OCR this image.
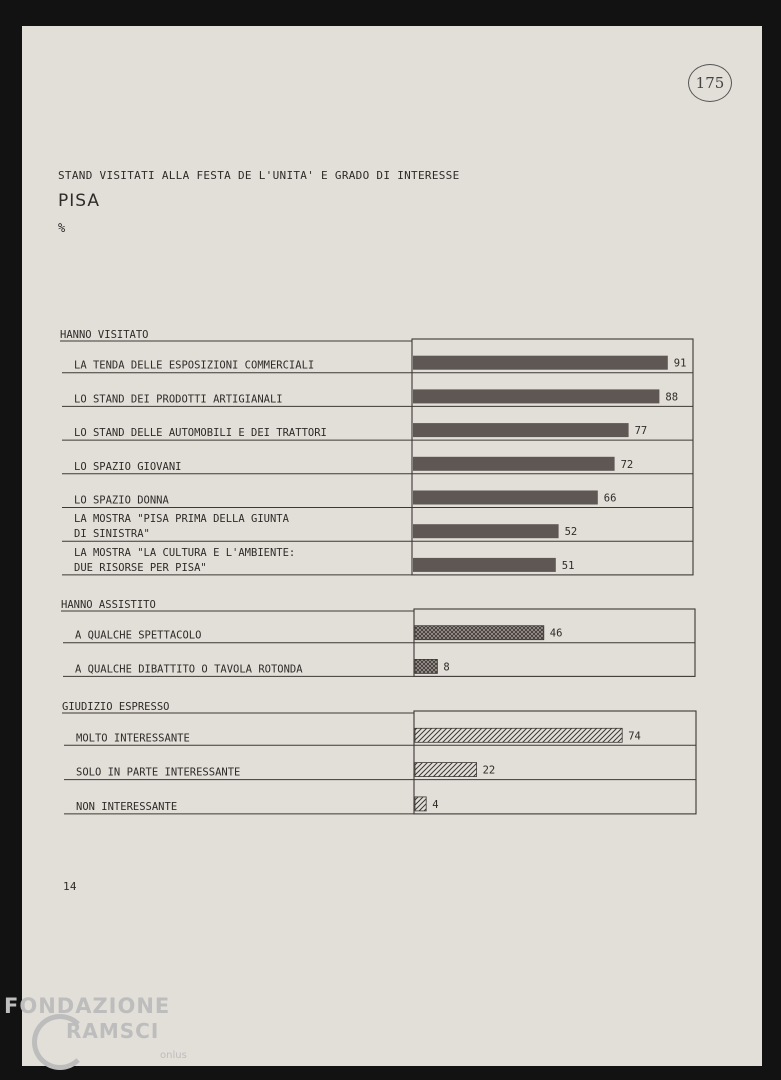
175
STAND VISITATI ALLA FESTA DE L'UNITA' E GRADO DI INTERESSE
PISA
%
HANNO VISITATO
LA TENDA DELLE ESPOSIZIONI COMMERCIALI	91
LO STAND DEI PRODOTTI ARTIGIANALI	88
LO STAND DELLE AUTOMOBILI E DEI TRATTORI	77
LO SPAZIO GIOVANI	72
LO SPAZIO DONNA	66
LA MOSTRA "PISA PRIMA DELLA GIUNTA
DI SINISTRA"	52
LA MOSTRA "LA CULTURA E L'AMBIENTE:
DUE RISORSE PER PISA"	51
HANNO ASSISTITO
A QUALCHE SPETTACOLO	46
A QUALCHE DIBATTITO O TAVOLA ROTONDA	8
GIUDIZIO ESPRESSO
MOLTO INTERESSANTE	74
SOLO IN PARTE INTERESSANTE	22
NON INTERESSANTE	4
14
FONDAZIONE
RAMSCI
onlus
